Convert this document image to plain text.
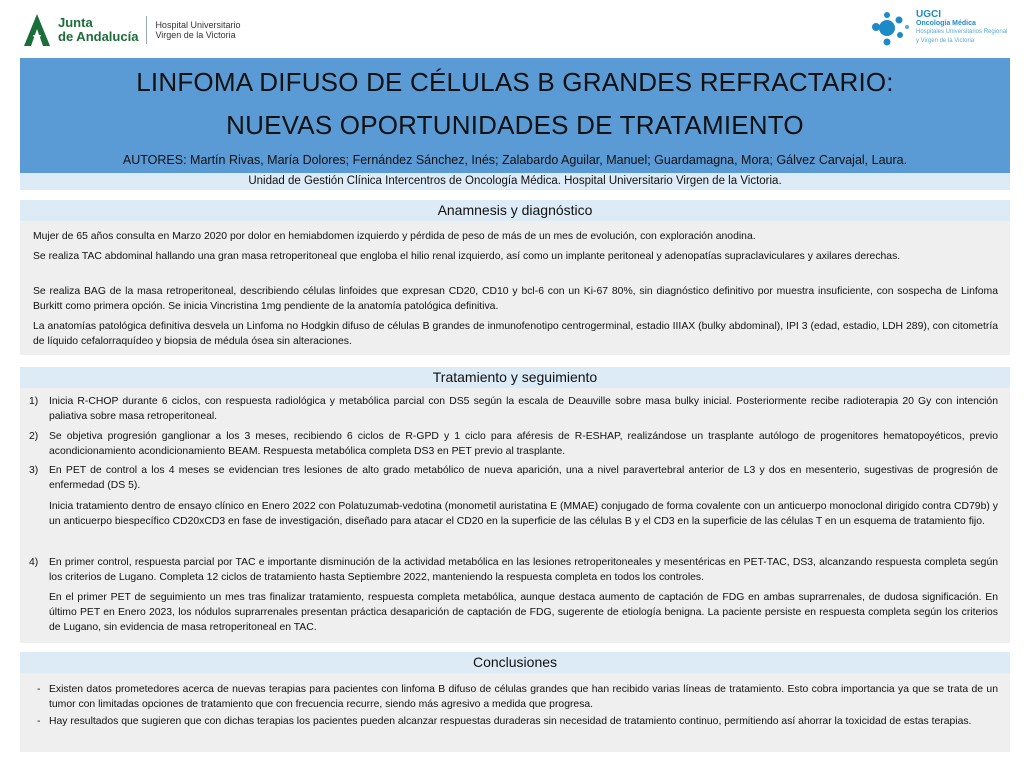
Junta
de Andalucía
Hospital Universitario
Virgen de la Victoria
UGCI
Oncología Médica
Hospitales Universitarios Regional
y Virgen de la Victoria
LINFOMA DIFUSO DE CÉLULAS B GRANDES REFRACTARIO:
NUEVAS OPORTUNIDADES DE TRATAMIENTO
AUTORES: Martín Rivas, María Dolores; Fernández Sánchez, Inés; Zalabardo Aguilar, Manuel; Guardamagna, Mora; Gálvez Carvajal, Laura.
Unidad de Gestión Clínica Intercentros de Oncología Médica. Hospital Universitario Virgen de la Victoria.
Anamnesis y diagnóstico
Mujer de 65 años consulta en Marzo 2020 por dolor en hemiabdomen izquierdo y pérdida de peso de más de un mes de evolución, con exploración anodina.
Se realiza TAC abdominal hallando una gran masa retroperitoneal que engloba el hilio renal izquierdo, así como un implante peritoneal y adenopatías supraclaviculares y axilares derechas.
Se realiza BAG de la masa retroperitoneal, describiendo células linfoides que expresan CD20, CD10 y bcl-6 con un Ki-67 80%, sin diagnóstico definitivo por muestra insuficiente, con sospecha de Linfoma Burkitt como primera opción. Se inicia Vincristina 1mg pendiente de la anatomía patológica definitiva.
La anatomías patológica definitiva desvela un Linfoma no Hodgkin difuso de células B grandes de inmunofenotipo centrogerminal, estadio IIIAX (bulky abdominal), IPI 3 (edad, estadio, LDH 289), con citometría de líquido cefalorraquídeo y biopsia de médula ósea sin alteraciones.
Tratamiento y seguimiento
1) Inicia R-CHOP durante 6 ciclos, con respuesta radiológica y metabólica parcial con DS5 según la escala de Deauville sobre masa bulky inicial. Posteriormente recibe radioterapia 20 Gy con intención paliativa sobre masa retroperitoneal.
2) Se objetiva progresión ganglionar a los 3 meses, recibiendo 6 ciclos de R-GPD y 1 ciclo para aféresis de R-ESHAP, realizándose un trasplante autólogo de progenitores hematopoyéticos, previo acondicionamiento acondicionamiento BEAM. Respuesta metabólica completa DS3 en PET previo al trasplante.
3) En PET de control a los 4 meses se evidencian tres lesiones de alto grado metabólico de nueva aparición, una a nivel paravertebral anterior de L3 y dos en mesenterio, sugestivas de progresión de enfermedad (DS 5).
Inicia tratamiento dentro de ensayo clínico en Enero 2022 con Polatuzumab-vedotina (monometil auristatina E (MMAE) conjugado de forma covalente con un anticuerpo monoclonal dirigido contra CD79b) y un anticuerpo biespecífico CD20xCD3 en fase de investigación, diseñado para atacar el CD20 en la superficie de las células B y el CD3 en la superficie de las células T en un esquema de tratamiento fijo.
4) En primer control, respuesta parcial por TAC e importante disminución de la actividad metabólica en las lesiones retroperitoneales y mesentéricas en PET-TAC, DS3, alcanzando respuesta completa según los criterios de Lugano. Completa 12 ciclos de tratamiento hasta Septiembre 2022, manteniendo la respuesta completa en todos los controles.
En el primer PET de seguimiento un mes tras finalizar tratamiento, respuesta completa metabólica, aunque destaca aumento de captación de FDG en ambas suprarrenales, de dudosa significación. En último PET en Enero 2023, los nódulos suprarrenales presentan práctica desaparición de captación de FDG, sugerente de etiología benigna. La paciente persiste en respuesta completa según los criterios de Lugano, sin evidencia de masa retroperitoneal en TAC.
Conclusiones
- Existen datos prometedores acerca de nuevas terapias para pacientes con linfoma B difuso de células grandes que han recibido varias líneas de tratamiento. Esto cobra importancia ya que se trata de un tumor con limitadas opciones de tratamiento que con frecuencia recurre, siendo más agresivo a medida que progresa.
- Hay resultados que sugieren que con dichas terapias los pacientes pueden alcanzar respuestas duraderas sin necesidad de tratamiento continuo, permitiendo así ahorrar la toxicidad de estas terapias.
